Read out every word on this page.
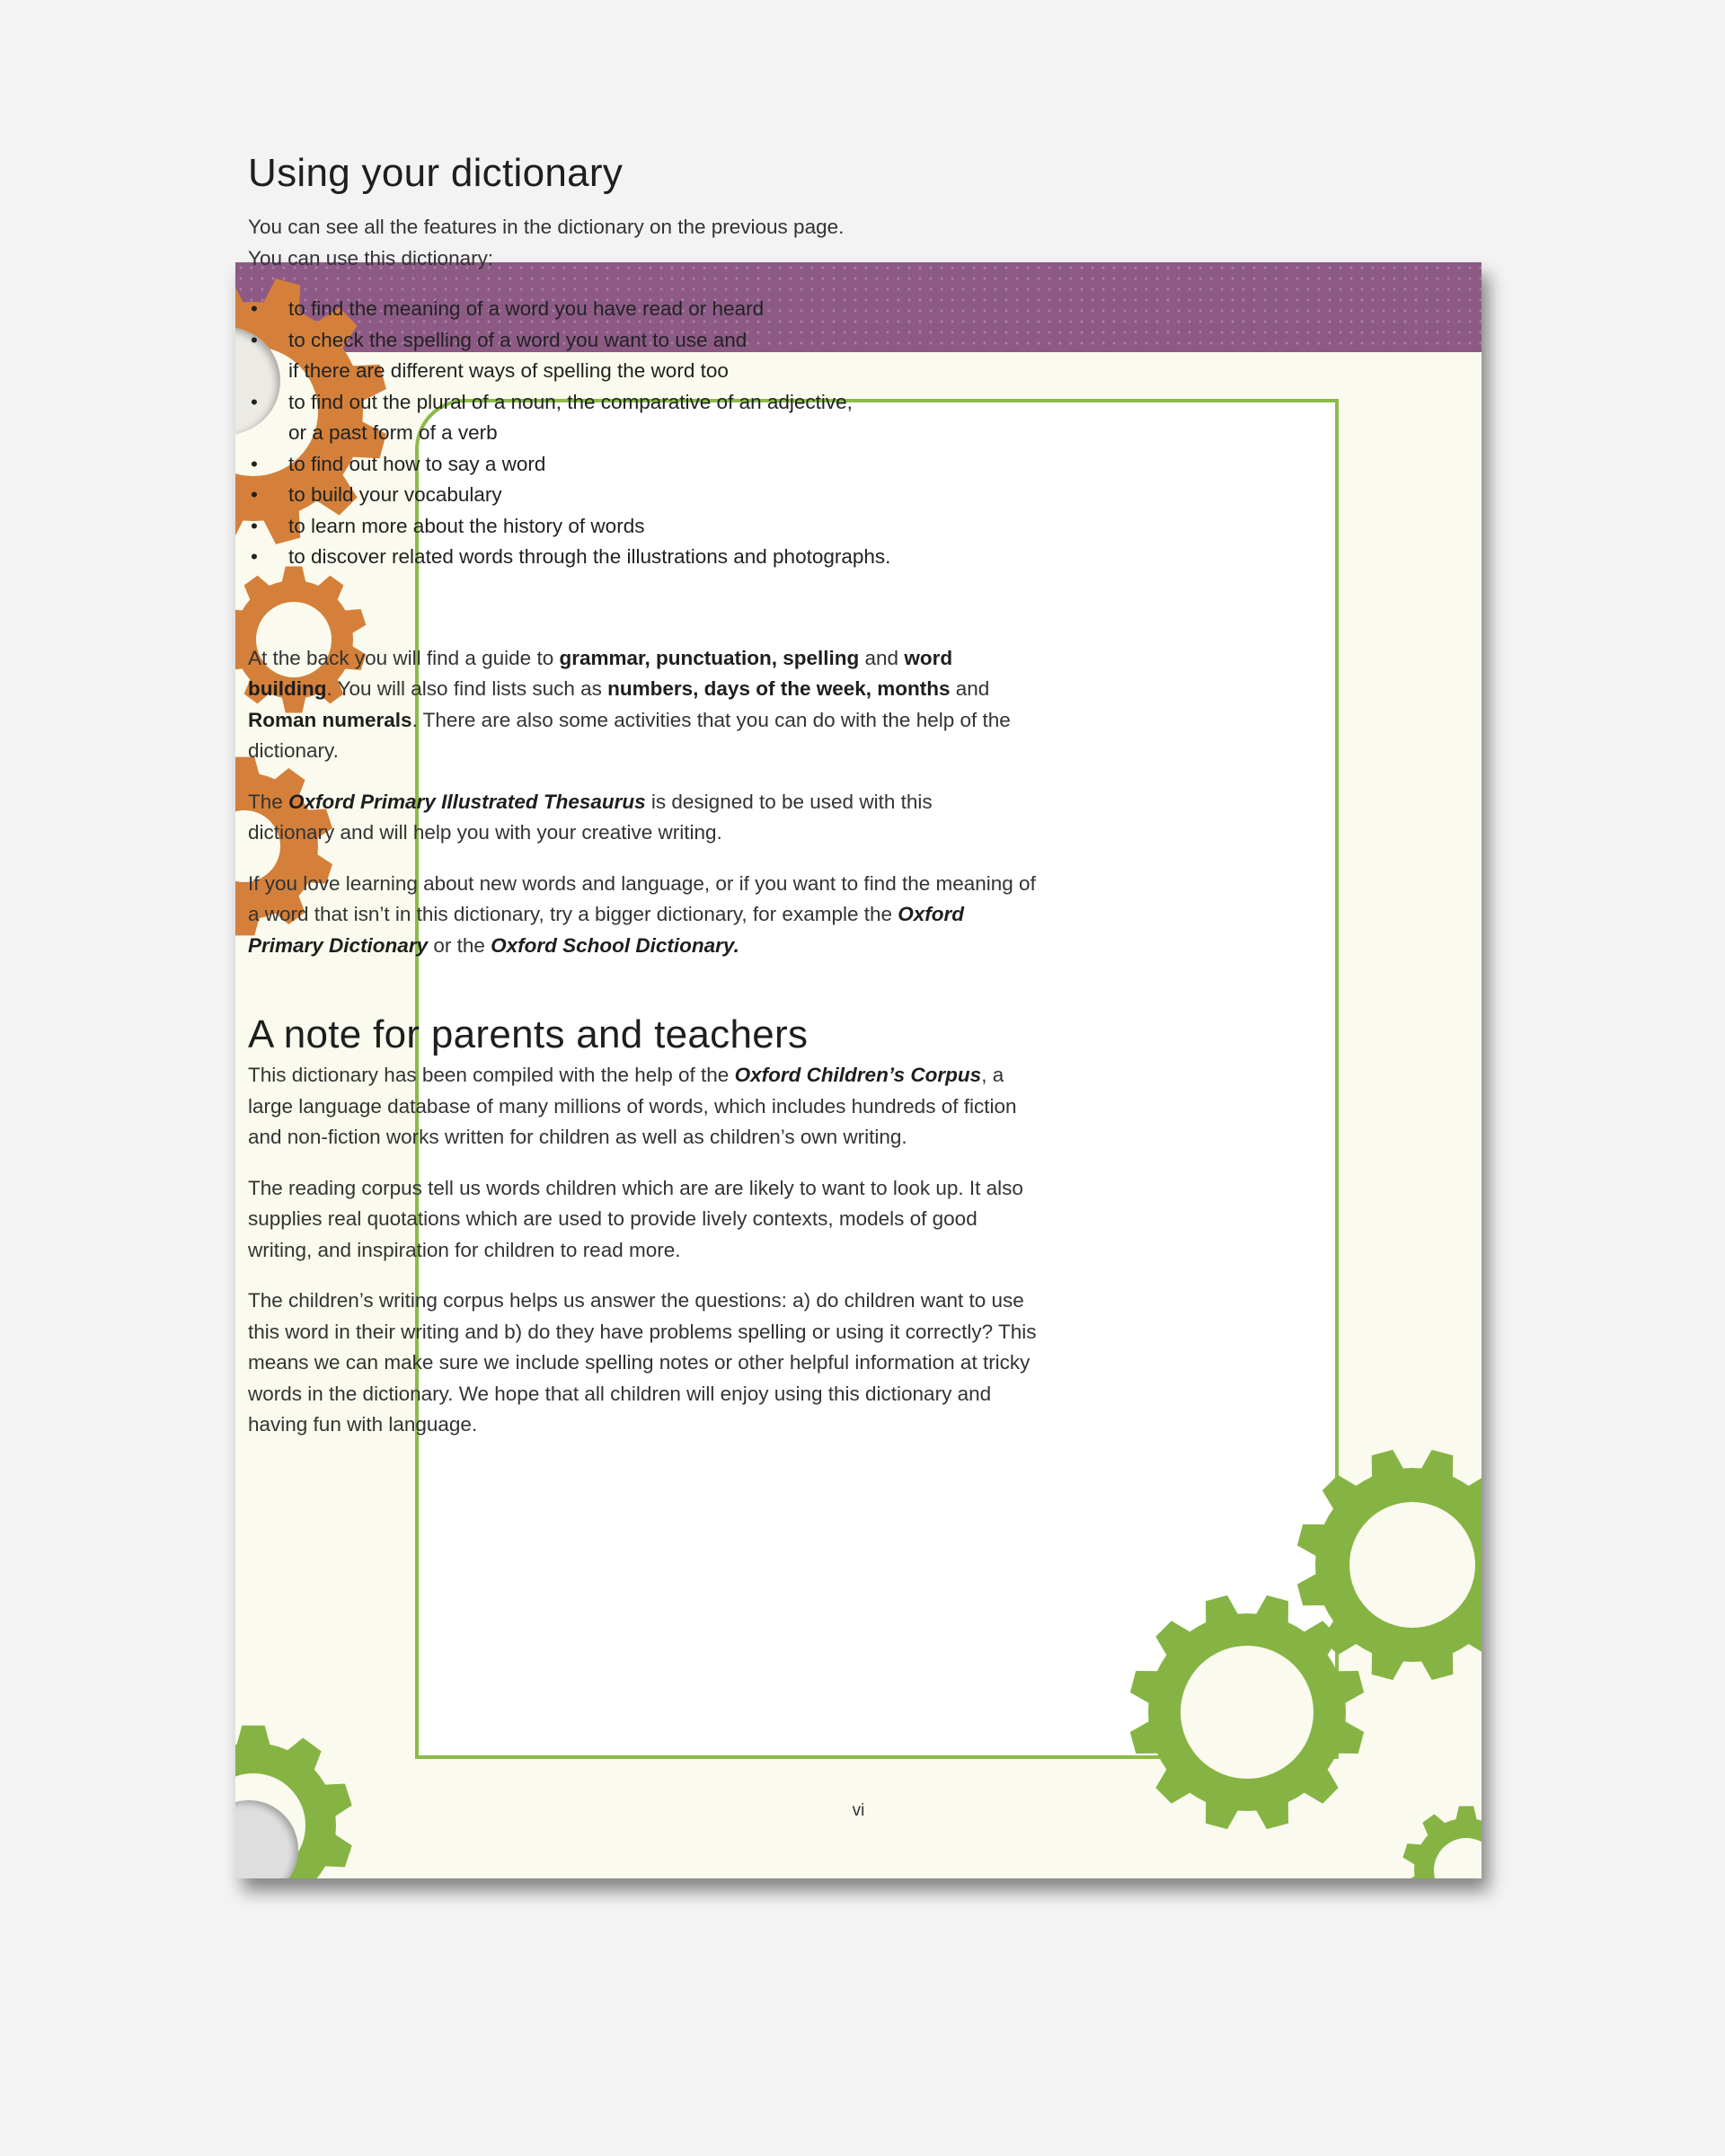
vi
Using your dictionary

You can see all the features in the dictionary on the previous page.
You can use this dictionary:

• to find the meaning of a word you have read or heard
• to check the spelling of a word you want to use and
if there are different ways of spelling the word too
• to find out the plural of a noun, the comparative of an adjective,
or a past form of a verb
• to find out how to say a word
• to build your vocabulary
• to learn more about the history of words
• to discover related words through the illustrations and photographs.

At the back you will find a guide to grammar, punctuation, spelling and word building. You will also find lists such as numbers, days of the week, months and Roman numerals. There are also some activities that you can do with the help of the dictionary.

The Oxford Primary Illustrated Thesaurus is designed to be used with this dictionary and will help you with your creative writing.

If you love learning about new words and language, or if you want to find the meaning of a word that isn’t in this dictionary, try a bigger dictionary, for example the Oxford Primary Dictionary or the Oxford School Dictionary.

A note for parents and teachers

This dictionary has been compiled with the help of the Oxford Children’s Corpus, a large language database of many millions of words, which includes hundreds of fiction and non-fiction works written for children as well as children’s own writing.

The reading corpus tell us words children which are are likely to want to look up. It also supplies real quotations which are used to provide lively contexts, models of good writing, and inspiration for children to read more.

The children’s writing corpus helps us answer the questions: a) do children want to use this word in their writing and b) do they have problems spelling or using it correctly? This means we can make sure we include spelling notes or other helpful information at tricky words in the dictionary. We hope that all children will enjoy using this dictionary and having fun with language.
